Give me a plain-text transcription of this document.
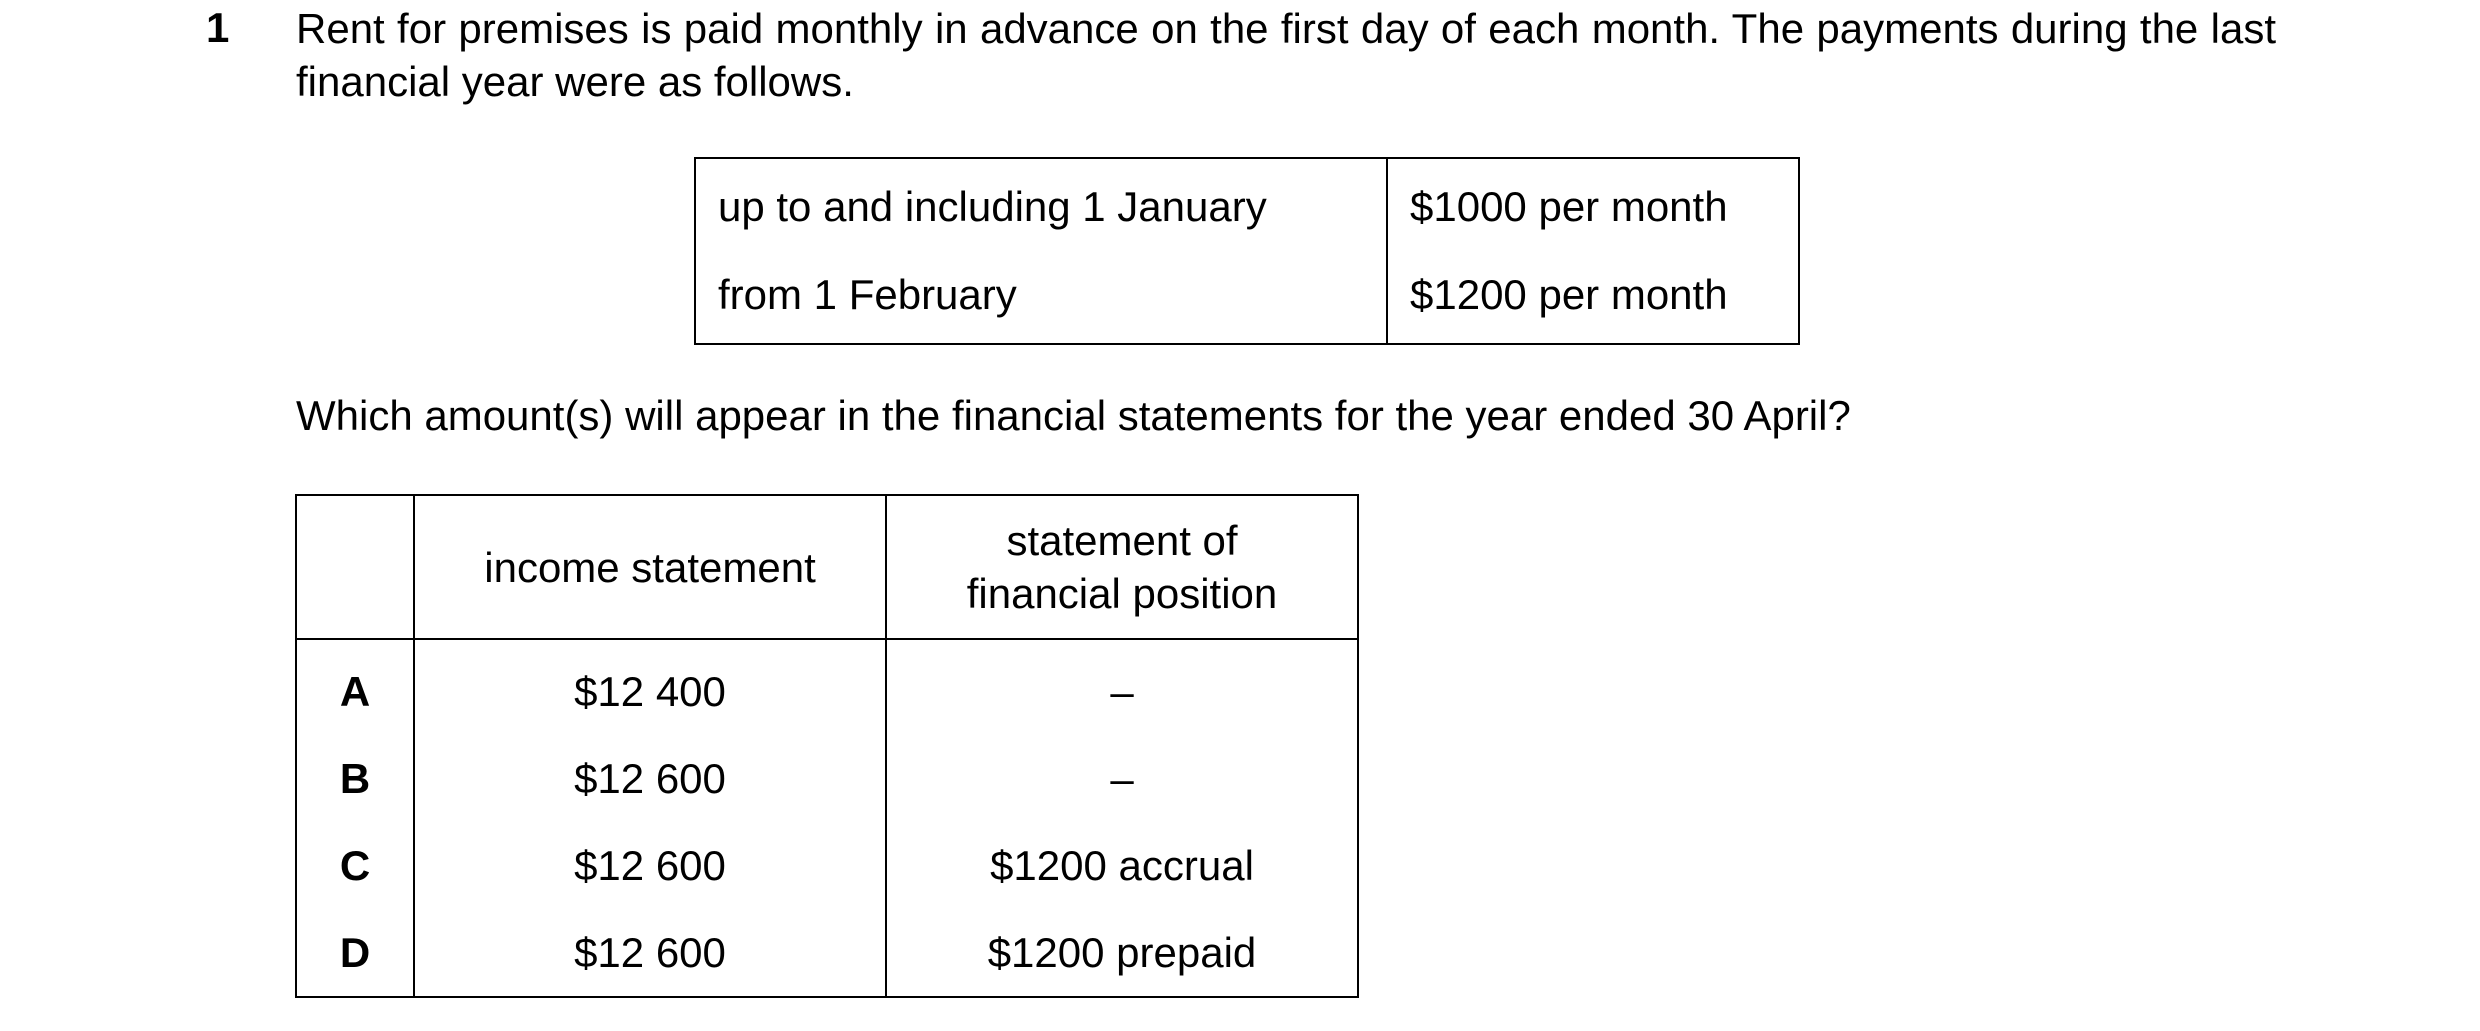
1 Rent for premises is paid monthly in advance on the first day of each month. The payments during the last financial year were as follows.
up to and including 1 January	$1000 per month
from 1 February	$1200 per month
Which amount(s) will appear in the financial statements for the year ended 30 April?
	income statement	statement of
financial position
A	$12 400	–
B	$12 600	–
C	$12 600	$1200 accrual
D	$12 600	$1200 prepaid
